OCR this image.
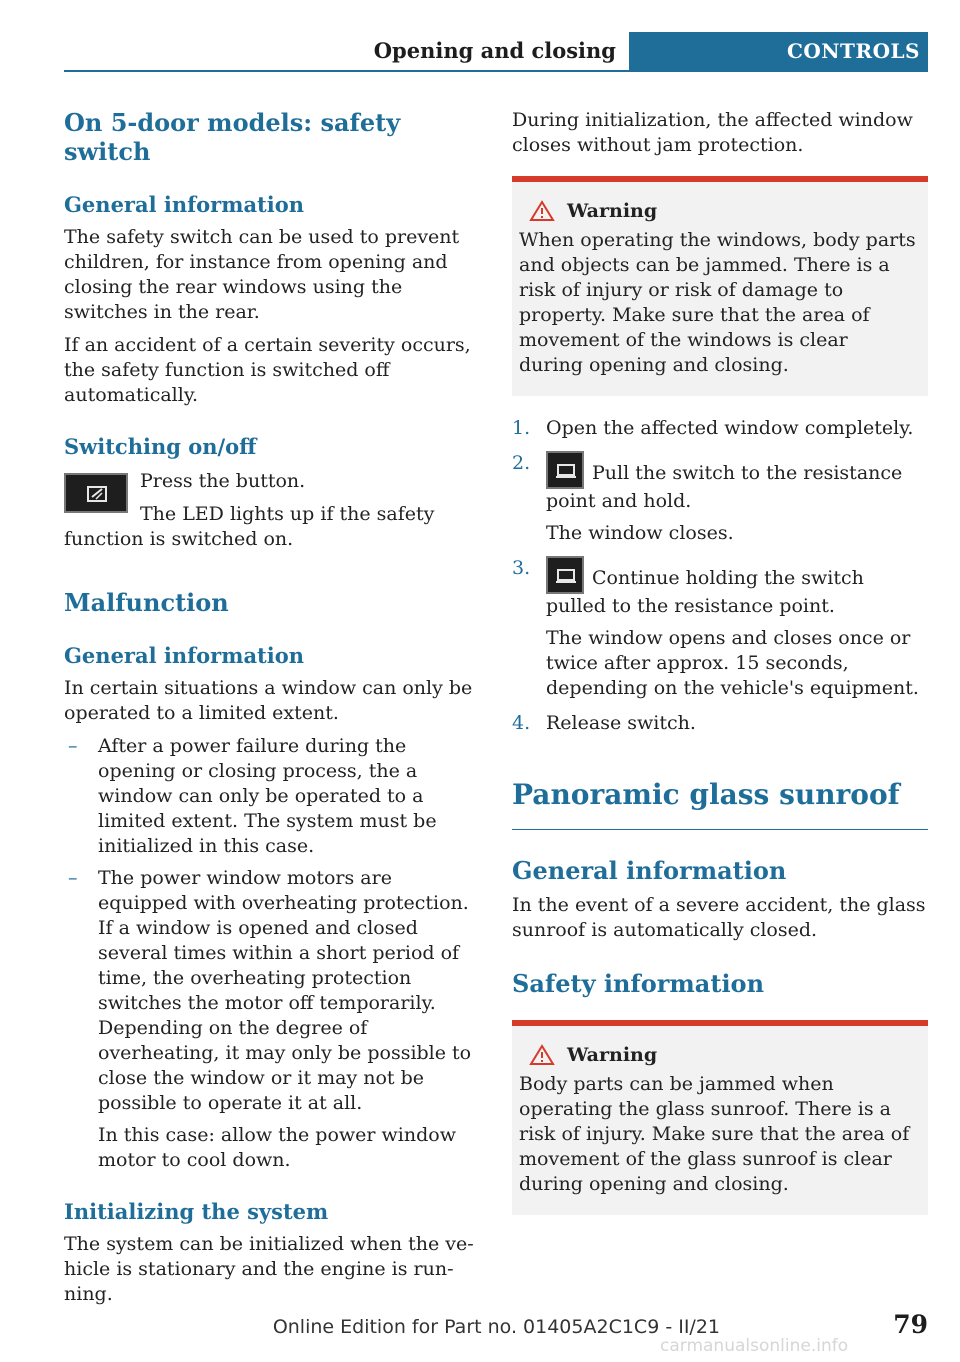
Opening and closing	CONTROLS
On 5-door models: safety switch
General information

The safety switch can be used to prevent children, for instance from opening and closing the rear windows using the switches in the rear.

If an accident of a certain severity occurs, the safety function is switched off automatically.

Switching on/off

Press the button.

The LED lights up if the safety function is switched on.

Malfunction
General information

In certain situations a window can only be operated to a limited extent.

– After a power failure during the opening or closing process, the a window can only be operated to a limited extent. The system must be initialized in this case.
– The power window motors are equipped with overheating protection. If a window is opened and closed several times within a short period of time, the overheating protection switches the motor off temporarily. Depending on the degree of overheating, it may only be possible to close the window or it may not be possible to operate it at all.
In this case: allow the power window motor to cool down.
Initializing the system

The system can be initialized when the vehicle is stationary and the engine is running.

During initialization, the affected window closes without jam protection.

Warning

When operating the windows, body parts and objects can be jammed. There is a risk of injury or risk of damage to property. Make sure that the area of movement of the windows is clear during opening and closing.

1. Open the affected window completely.
2.	Pull the switch to the resistance point and hold.
The window closes.
3.	Continue holding the switch pulled to the resistance point.
The window opens and closes once or twice after approx. 15 seconds, depending on the vehicle's equipment.
4. Release switch.
Panoramic glass sunroof
General information

In the event of a severe accident, the glass sunroof is automatically closed.

Safety information
Warning

Body parts can be jammed when operating the glass sunroof. There is a risk of injury. Make sure that the area of movement of the glass sunroof is clear during opening and closing.

Online Edition for Part no. 01405A2C1C9 - II/21	79
carmanualsonline.info
